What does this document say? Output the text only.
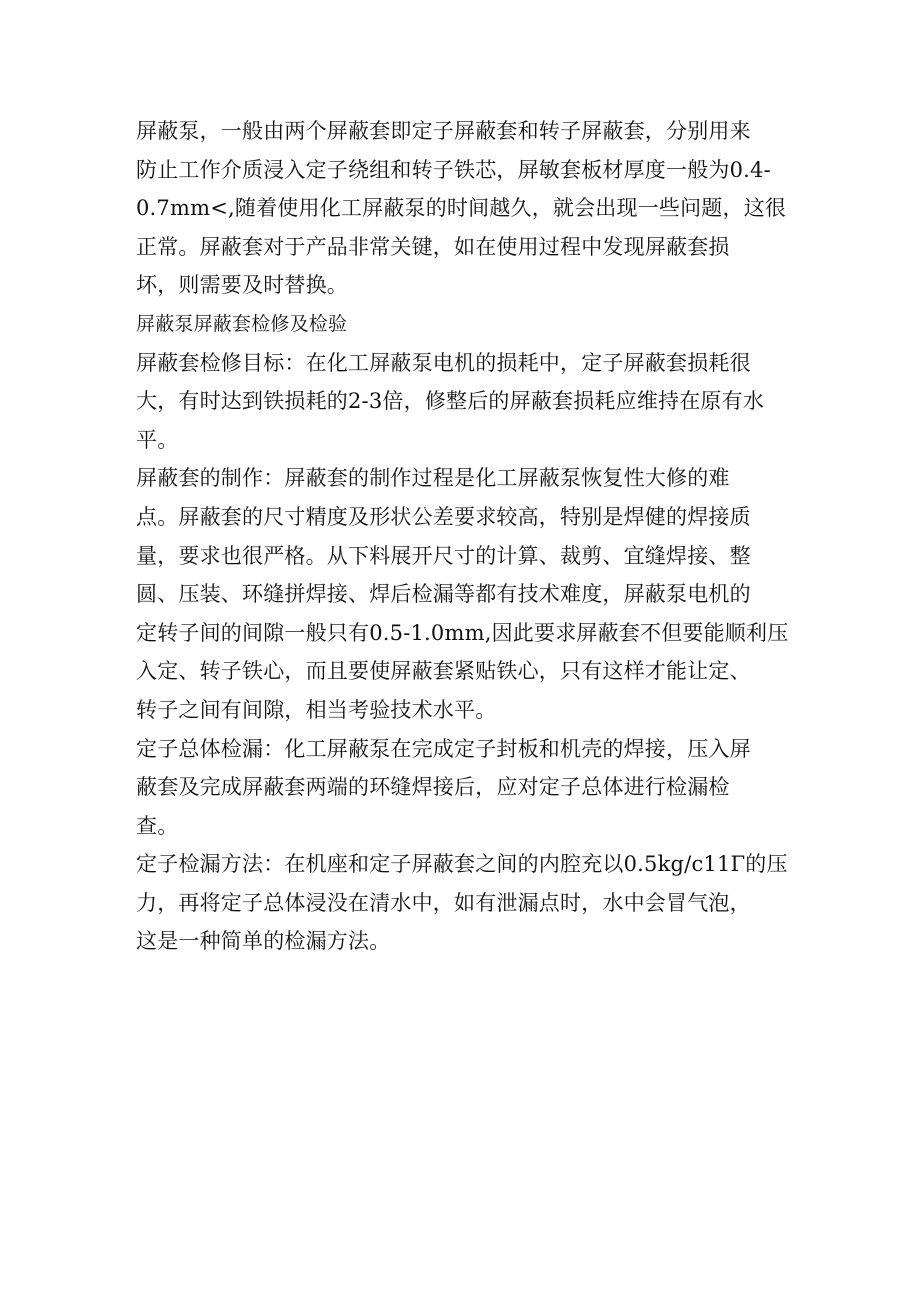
屏蔽泵，一般由两个屏蔽套即定子屏蔽套和转子屏蔽套，分别用来
防止工作介质浸入定子绕组和转子铁芯，屏敏套板材厚度一般为0.4-
0.7mm<,随着使用化工屏蔽泵的时间越久，就会出现一些问题，这很
正常。屏蔽套对于产品非常关键，如在使用过程中发现屏蔽套损
坏，则需要及时替换。
屏蔽泵屏蔽套检修及检验
屏蔽套检修目标：在化工屏蔽泵电机的损耗中，定子屏蔽套损耗很
大，有时达到铁损耗的2-3倍，修整后的屏蔽套损耗应维持在原有水
平。
屏蔽套的制作：屏蔽套的制作过程是化工屏蔽泵恢复性大修的难
点。屏蔽套的尺寸精度及形状公差要求较高，特别是焊健的焊接质
量，要求也很严格。从下料展开尺寸的计算、裁剪、宜缝焊接、整
圆、压装、环缝拼焊接、焊后检漏等都有技术难度，屏蔽泵电机的
定转子间的间隙一般只有0.5-1.0mm,因此要求屏蔽套不但要能顺利压
入定、转子铁心，而且要使屏蔽套紧贴铁心，只有这样才能让定、
转子之间有间隙，相当考验技术水平。
定子总体检漏：化工屏蔽泵在完成定子封板和机壳的焊接，压入屏
蔽套及完成屏蔽套两端的环缝焊接后，应对定子总体进行检漏检
查。
定子检漏方法：在机座和定子屏蔽套之间的内腔充以0.5kg/c11Γ的压
力，再将定子总体浸没在清水中，如有泄漏点时，水中会冒气泡，
这是一种简单的检漏方法。
